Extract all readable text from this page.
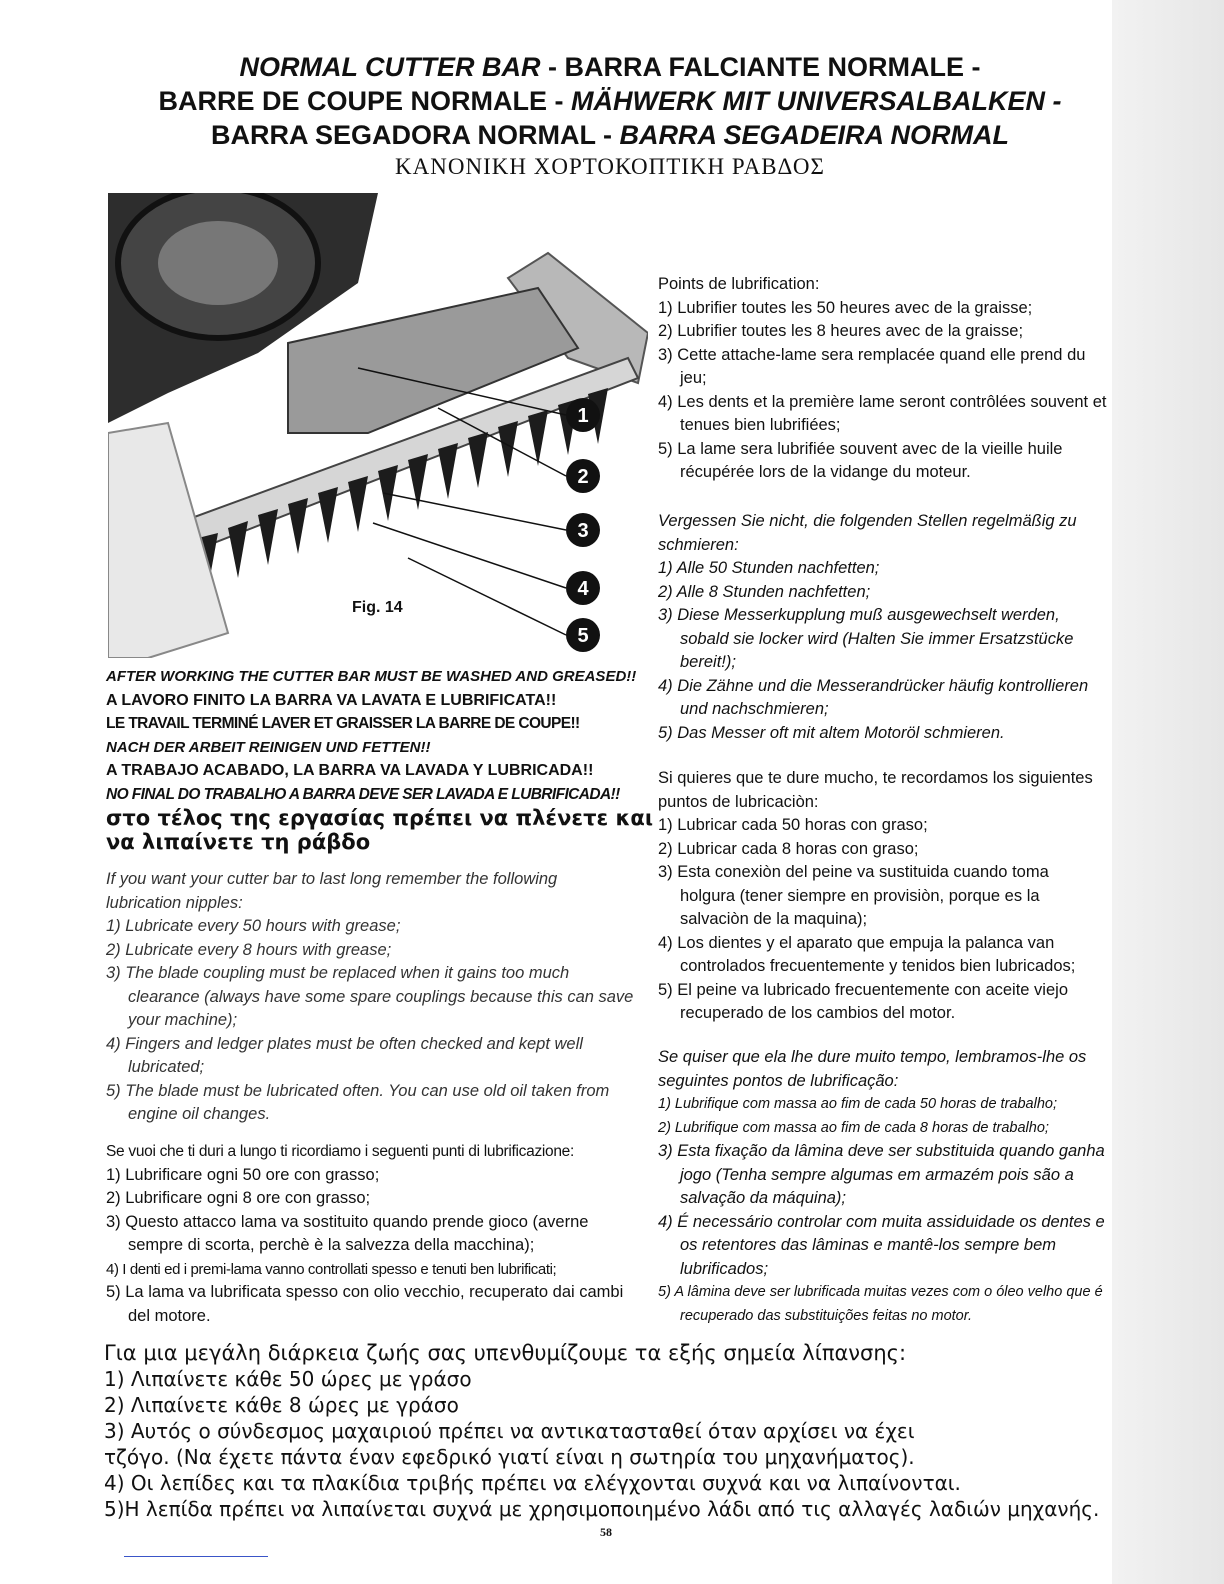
NORMAL CUTTER BAR - BARRA FALCIANTE NORMALE -
BARRE DE COUPE NORMALE - MÄHWERK MIT UNIVERSALBALKEN -
BARRA SEGADORA NORMAL - BARRA SEGADEIRA NORMAL
ΚΑΝΟΝΙΚΗ ΧΟΡΤΟΚΟΠΤΙΚΗ ΡΑΒΔΟΣ
1
2
3
4
5
Fig. 14
AFTER WORKING THE CUTTER BAR MUST BE WASHED AND GREASED!!
A LAVORO FINITO LA BARRA VA LAVATA E LUBRIFICATA!!
LE TRAVAIL TERMINÉ LAVER ET GRAISSER LA BARRE DE COUPE!!
NACH DER ARBEIT REINIGEN UND FETTEN!!
A TRABAJO ACABADO, LA BARRA VA LAVADA Y LUBRICADA!!
NO FINAL DO TRABALHO A BARRA DEVE SER LAVADA E LUBRIFICADA!!
στο τέλος της εργασίας πρέπει να πλένετε και
να λιπαίνετε τη ράβδο
If you want your cutter bar to last long remember the following lubrication nipples:
1) Lubricate every 50 hours with grease;
2) Lubricate every 8 hours with grease;
3) The blade coupling must be replaced when it gains too much clearance (always have some spare couplings because this can save your machine);
4) Fingers and ledger plates must be often checked and kept well lubricated;
5) The blade must be lubricated often. You can use old oil taken from engine oil changes.
Se vuoi che ti duri a lungo ti ricordiamo i seguenti punti di lubrificazione:
1) Lubrificare ogni 50 ore con grasso;
2) Lubrificare ogni 8 ore con grasso;
3) Questo attacco lama va sostituito quando prende gioco (averne sempre di scorta, perchè è la salvezza della macchina);
4) I denti ed i premi-lama vanno controllati spesso e tenuti ben lubrificati;
5) La lama va lubrificata spesso con olio vecchio, recuperato dai cambi del motore.
Points de lubrification:
1) Lubrifier toutes les 50 heures avec de la graisse;
2) Lubrifier toutes les 8 heures avec de la graisse;
3) Cette attache-lame sera remplacée quand elle prend du jeu;
4) Les dents et la première lame seront contrôlées souvent et tenues bien lubrifiées;
5) La lame sera lubrifiée souvent avec de la vieille huile récupérée lors de la vidange du moteur.
Vergessen Sie nicht, die folgenden Stellen regelmäßig zu schmieren:
1) Alle 50 Stunden nachfetten;
2) Alle 8 Stunden nachfetten;
3) Diese Messerkupplung muß ausgewechselt werden, sobald sie locker wird (Halten Sie immer Ersatzstücke bereit!);
4) Die Zähne und die Messerandrücker häufig kontrollieren und nachschmieren;
5) Das Messer oft mit altem Motoröl schmieren.
Si quieres que te dure mucho, te recordamos los siguientes puntos de lubricaciòn:
1) Lubricar cada 50 horas con graso;
2) Lubricar cada 8 horas con graso;
3) Esta conexiòn del peine va sustituida cuando toma holgura (tener siempre en provisiòn, porque es la salvaciòn de la maquina);
4) Los dientes y el aparato que empuja la palanca van controlados frecuentemente y tenidos bien lubricados;
5) El peine va lubricado frecuentemente con aceite viejo recuperado de los cambios del motor.
Se quiser que ela lhe dure muito tempo, lembramos-lhe os seguintes pontos de lubrificação:
1) Lubrifique com massa ao fim de cada 50 horas de trabalho;
2) Lubrifique com massa ao fim de cada 8 horas de trabalho;
3) Esta fixação da lâmina deve ser substituida quando ganha jogo (Tenha sempre algumas em armazém pois são a salvação da máquina);
4) É necessário controlar com muita assiduidade os dentes e os retentores das lâminas e mantê-los sempre bem lubrificados;
5) A lâmina deve ser lubrificada muitas vezes com o óleo velho que é recuperado das substituições feitas no motor.
Για μια μεγάλη διάρκεια ζωής σας υπενθυμίζουμε τα εξής σημεία λίπανσης:
1) Λιπαίνετε κάθε 50 ώρες με γράσο
2) Λιπαίνετε κάθε 8 ώρες με γράσο
3) Αυτός ο σύνδεσμος μαχαιριού πρέπει να αντικατασταθεί όταν αρχίσει να έχει
τζόγο. (Να έχετε πάντα έναν εφεδρικό γιατί είναι η σωτηρία του μηχανήματος).
4) Οι λεπίδες και τα πλακίδια τριβής πρέπει να ελέγχονται συχνά και να λιπαίνονται.
5)Η λεπίδα πρέπει να λιπαίνεται συχνά με χρησιμοποιημένο λάδι από τις αλλαγές λαδιών μηχανής.
58
